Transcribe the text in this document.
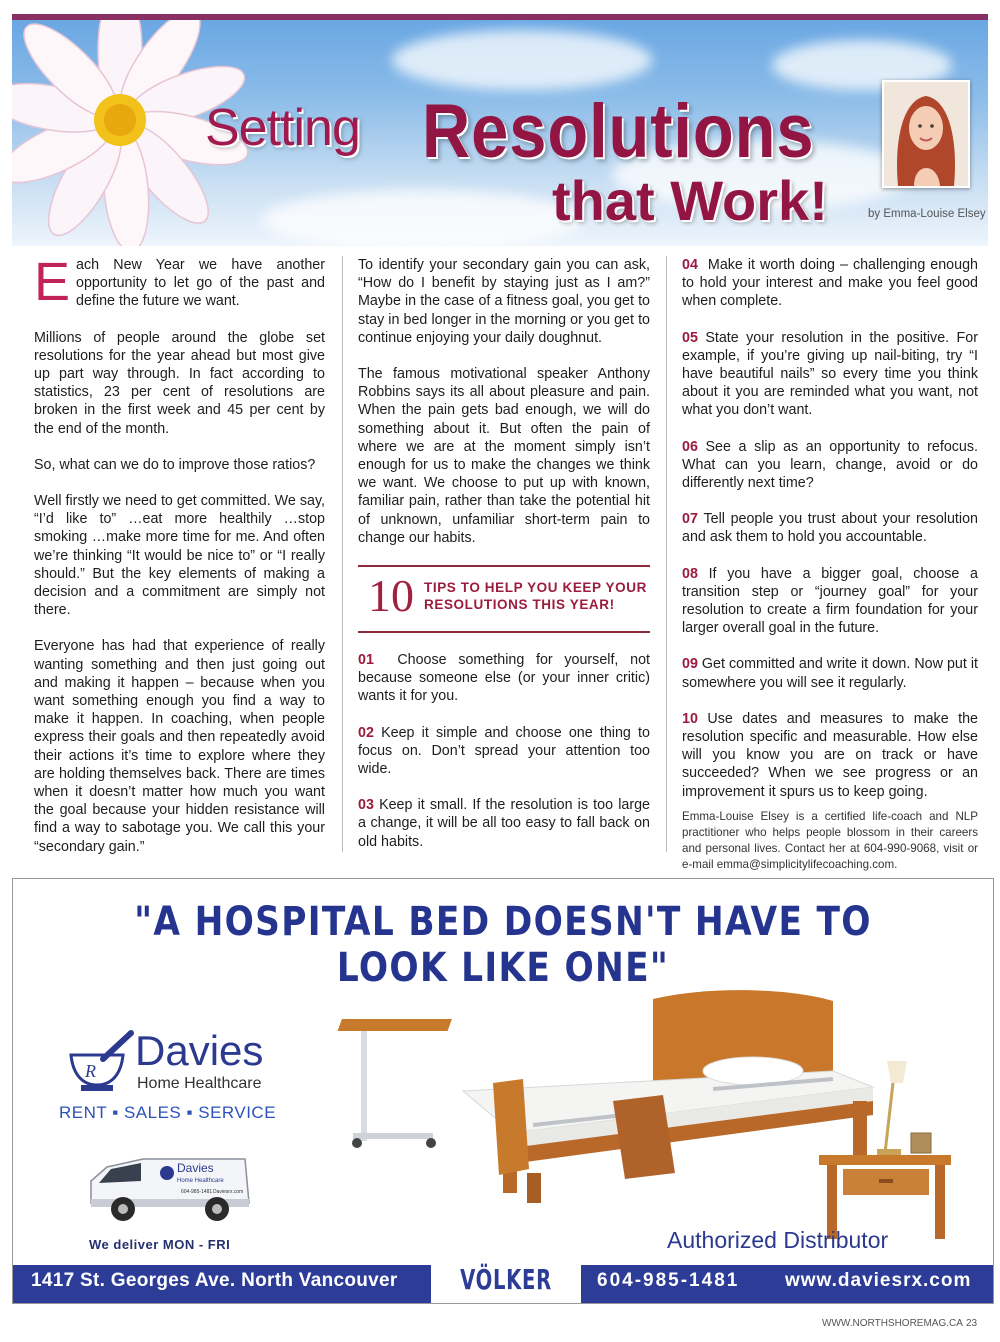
Setting Resolutions
that Work!	by Emma-Louise Elsey

Each New Year we have another opportunity to let go of the past and define the future we want.

Millions of people around the globe set resolutions for the year ahead but most give up part way through. In fact according to statistics, 23 per cent of resolutions are broken in the first week and 45 per cent by the end of the month.

So, what can we do to improve those ratios?

Well firstly we need to get committed. We say, “I’d like to” …eat more healthily …stop smoking …make more time for me. And often we’re thinking “It would be nice to” or “I really should.” But the key elements of making a decision and a commitment are simply not there.

Everyone has had that experience of really wanting something and then just going out and making it happen – because when you want something enough you find a way to make it happen. In coaching, when people express their goals and then repeatedly avoid their actions it’s time to explore where they are holding themselves back. There are times when it doesn’t matter how much you want the goal because your hidden resistance will find a way to sabotage you. We call this your “secondary gain.”

To identify your secondary gain you can ask, “How do I benefit by staying just as I am?” Maybe in the case of a fitness goal, you get to stay in bed longer in the morning or you get to continue enjoying your daily doughnut.

The famous motivational speaker Anthony Robbins says its all about pleasure and pain. When the pain gets bad enough, we will do something about it. But often the pain of where we are at the moment simply isn’t enough for us to make the changes we think we want. We choose to put up with known, familiar pain, rather than take the potential hit of unknown, unfamiliar short-term pain to change our habits.

10 TIPS TO HELP YOU KEEP YOUR
RESOLUTIONS THIS YEAR!

01 Choose something for yourself, not because someone else (or your inner critic) wants it for you.

02 Keep it simple and choose one thing to focus on. Don’t spread your attention too wide.

03 Keep it small. If the resolution is too large a change, it will be all too easy to fall back on old habits.

04 Make it worth doing – challenging enough to hold your interest and make you feel good when complete.

05 State your resolution in the positive. For example, if you’re giving up nail-biting, try “I have beautiful nails” so every time you think about it you are reminded what you want, not what you don’t want.

06 See a slip as an opportunity to refocus. What can you learn, change, avoid or do differently next time?

07 Tell people you trust about your resolution and ask them to hold you accountable.

08 If you have a bigger goal, choose a transition step or “journey goal” for your resolution to create a firm foundation for your larger overall goal in the future.

09 Get committed and write it down. Now put it somewhere you will see it regularly.

10 Use dates and measures to make the resolution specific and measurable. How else will you know you are on track or have succeeded? When we see progress or an improvement it spurs us to keep going.

Emma-Louise Elsey is a certified life-coach and NLP practitioner who helps people blossom in their careers and personal lives. Contact her at 604-990-9068, visit or e-mail emma@simplicitylifecoaching.com.

"A HOSPITAL BED DOESN'T HAVE TO LOOK LIKE ONE"
R Davies
Home Healthcare
RENT ▪ SALES ▪ SERVICE
Davies
Home Healthcare
604-985-1481 Daviesrx.com
We deliver MON - FRI	Authorized Distributor
1417 St. Georges Ave. North Vancouver VÖLKER	604-985-1481 www.daviesrx.com
WWW.NORTHSHOREMAG.CA 23
